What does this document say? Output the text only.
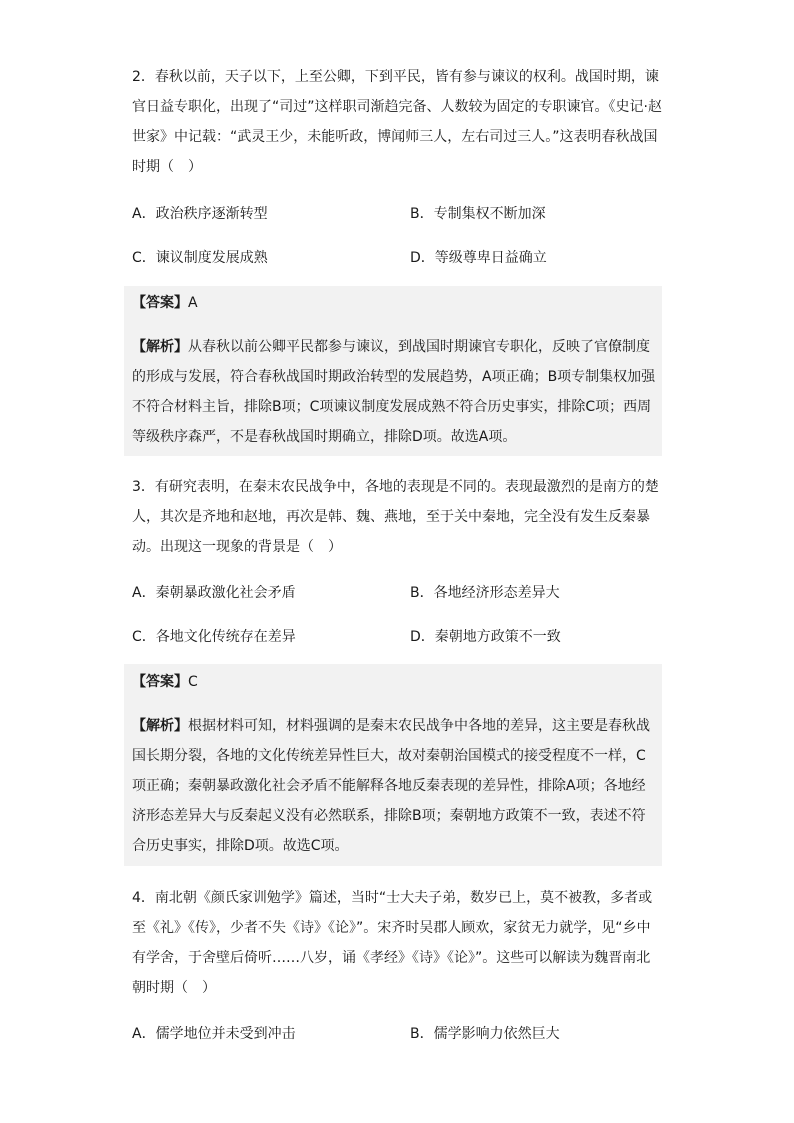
2．春秋以前，天子以下，上至公卿，下到平民，皆有参与谏议的权利。战国时期，谏官日益专职化，出现了“司过”这样职司渐趋完备、人数较为固定的专职谏官。《史记·赵世家》中记载：“武灵王少，未能听政，博闻师三人，左右司过三人。”这表明春秋战国时期（　）

A．政治秩序逐渐转型	B．专制集权不断加深
C．谏议制度发展成熟	D．等级尊卑日益确立

【答案】A

【解析】从春秋以前公卿平民都参与谏议，到战国时期谏官专职化，反映了官僚制度的形成与发展，符合春秋战国时期政治转型的发展趋势，A项正确；B项专制集权加强不符合材料主旨，排除B项；C项谏议制度发展成熟不符合历史事实，排除C项；西周等级秩序森严，不是春秋战国时期确立，排除D项。故选A项。

3．有研究表明，在秦末农民战争中，各地的表现是不同的。表现最激烈的是南方的楚人，其次是齐地和赵地，再次是韩、魏、燕地，至于关中秦地，完全没有发生反秦暴动。出现这一现象的背景是（　）

A．秦朝暴政激化社会矛盾	B．各地经济形态差异大
C．各地文化传统存在差异	D．秦朝地方政策不一致

【答案】C

【解析】根据材料可知，材料强调的是秦末农民战争中各地的差异，这主要是春秋战国长期分裂，各地的文化传统差异性巨大，故对秦朝治国模式的接受程度不一样，C项正确；秦朝暴政激化社会矛盾不能解释各地反秦表现的差异性，排除A项；各地经济形态差异大与反秦起义没有必然联系，排除B项；秦朝地方政策不一致，表述不符合历史事实，排除D项。故选C项。

4．南北朝《颜氏家训勉学》篇述，当时“士大夫子弟，数岁已上，莫不被教，多者或至《礼》《传》，少者不失《诗》《论》”。宋齐时吴郡人顾欢，家贫无力就学，见“乡中有学舍，于舍壁后倚听……八岁，诵《孝经》《诗》《论》”。这些可以解读为魏晋南北朝时期（　）

A．儒学地位并未受到冲击	B．儒学影响力依然巨大
